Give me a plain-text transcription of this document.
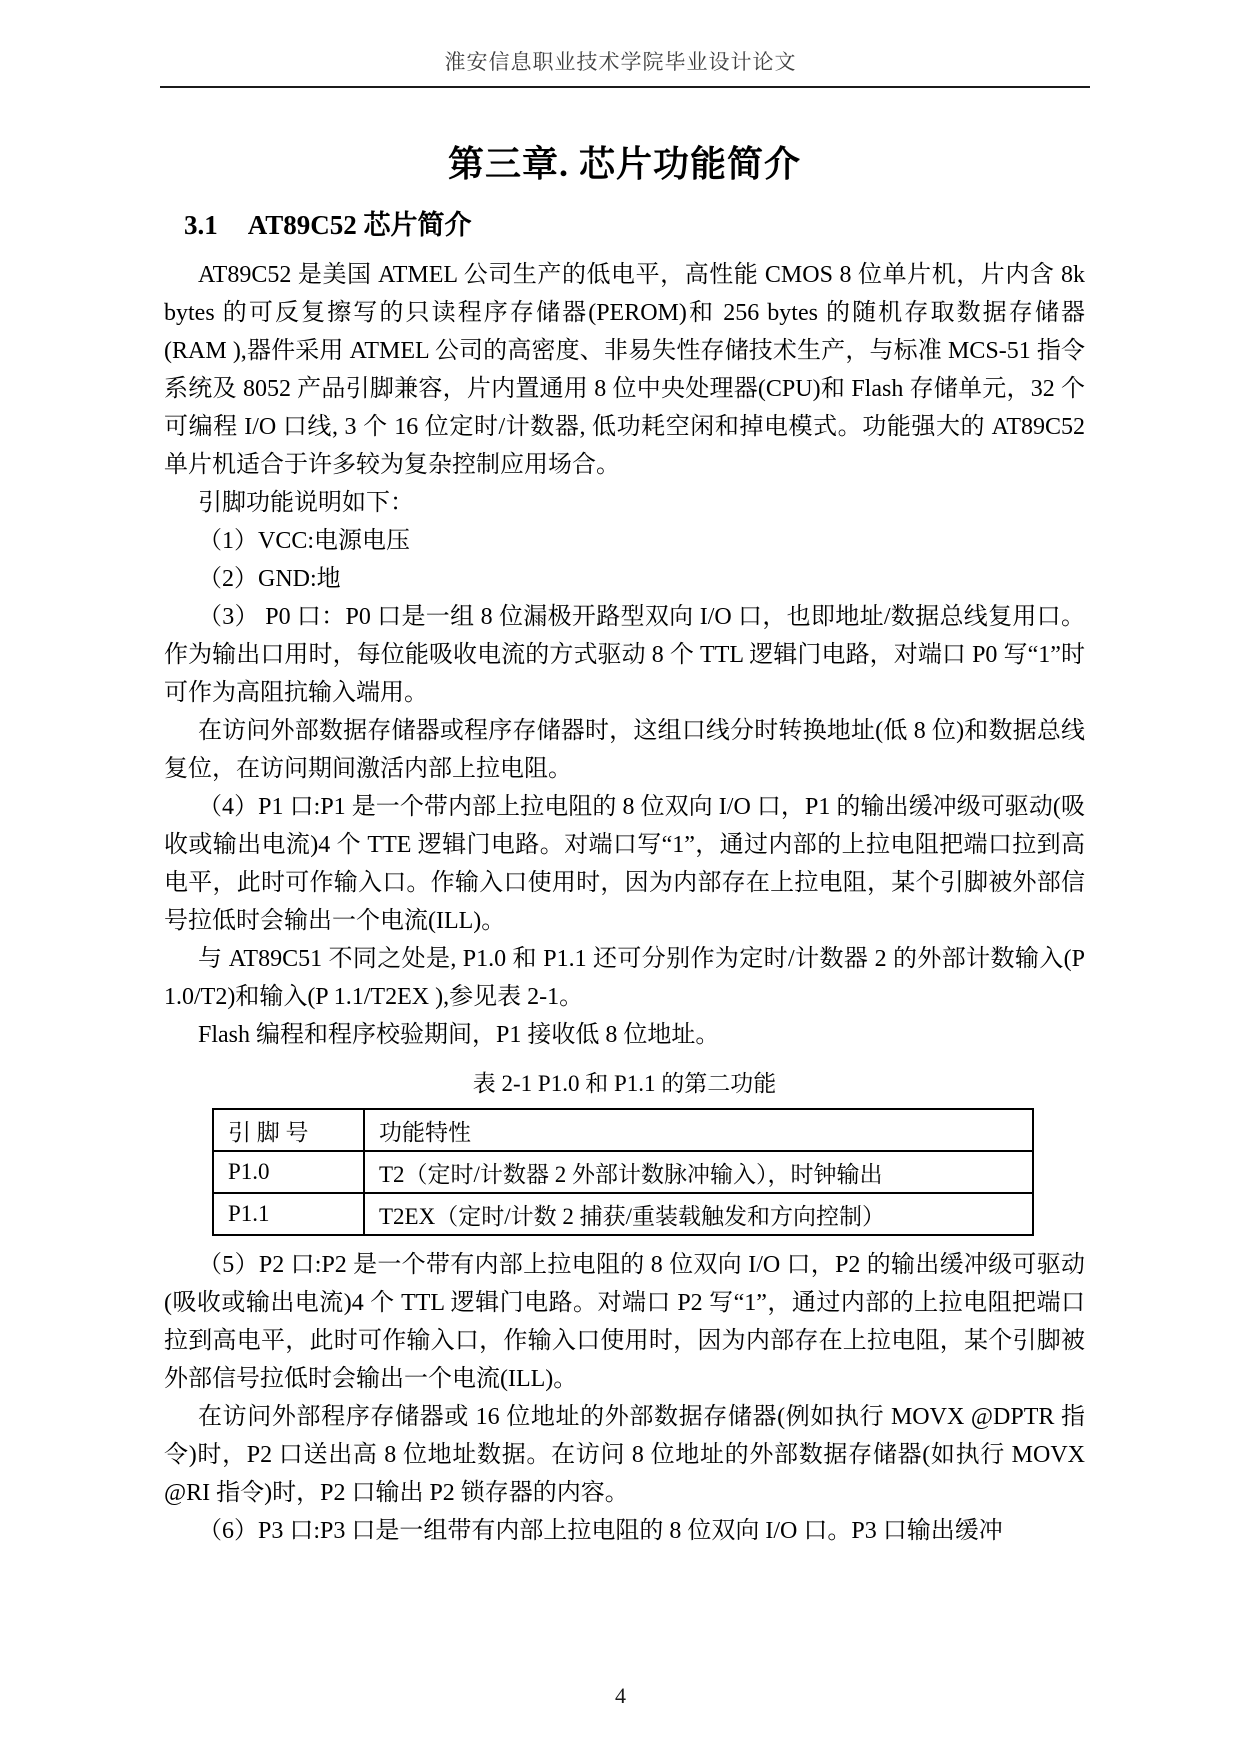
淮安信息职业技术学院毕业设计论文
第三章. 芯片功能简介
3.1 AT89C52 芯片简介

AT89C52 是美国 ATMEL 公司生产的低电平，高性能 CMOS 8 位单片机，片内含 8k bytes 的可反复擦写的只读程序存储器(PEROM)和 256 bytes 的随机存取数据存储器(RAM ),器件采用 ATMEL 公司的高密度、非易失性存储技术生产，与标准 MCS-51 指令系统及 8052 产品引脚兼容，片内置通用 8 位中央处理器(CPU)和 Flash 存储单元，32 个可编程 I/O 口线, 3 个 16 位定时/计数器, 低功耗空闲和掉电模式。功能强大的 AT89C52 单片机适合于许多较为复杂控制应用场合。

引脚功能说明如下：

（1）VCC:电源电压

（2）GND:地

（3） P0 口：P0 口是一组 8 位漏极开路型双向 I/O 口，也即地址/数据总线复用口。作为输出口用时，每位能吸收电流的方式驱动 8 个 TTL 逻辑门电路，对端口 P0 写“1”时可作为高阻抗输入端用。

在访问外部数据存储器或程序存储器时，这组口线分时转换地址(低 8 位)和数据总线复位，在访问期间激活内部上拉电阻。

（4）P1 口:P1 是一个带内部上拉电阻的 8 位双向 I/O 口，P1 的输出缓冲级可驱动(吸收或输出电流)4 个 TTE 逻辑门电路。对端口写“1”，通过内部的上拉电阻把端口拉到高电平，此时可作输入口。作输入口使用时，因为内部存在上拉电阻，某个引脚被外部信号拉低时会输出一个电流(ILL)。

与 AT89C51 不同之处是, P1.0 和 P1.1 还可分别作为定时/计数器 2 的外部计数输入(P 1.0/T2)和输入(P 1.1/T2EX ),参见表 2-1。

Flash 编程和程序校验期间，P1 接收低 8 位地址。

表 2-1 P1.0 和 P1.1 的第二功能
引 脚 号	功能特性
P1.0	T2（定时/计数器 2 外部计数脉冲输入），时钟输出
P1.1	T2EX（定时/计数 2 捕获/重装载触发和方向控制）

（5）P2 口:P2 是一个带有内部上拉电阻的 8 位双向 I/O 口，P2 的输出缓冲级可驱动(吸收或输出电流)4 个 TTL 逻辑门电路。对端口 P2 写“1”，通过内部的上拉电阻把端口拉到高电平，此时可作输入口，作输入口使用时，因为内部存在上拉电阻，某个引脚被外部信号拉低时会输出一个电流(ILL)。

在访问外部程序存储器或 16 位地址的外部数据存储器(例如执行 MOVX @DPTR 指令)时，P2 口送出高 8 位地址数据。在访问 8 位地址的外部数据存储器(如执行 MOVX @RI 指令)时，P2 口输出 P2 锁存器的内容。

（6）P3 口:P3 口是一组带有内部上拉电阻的 8 位双向 I/O 口。P3 口输出缓冲

4
